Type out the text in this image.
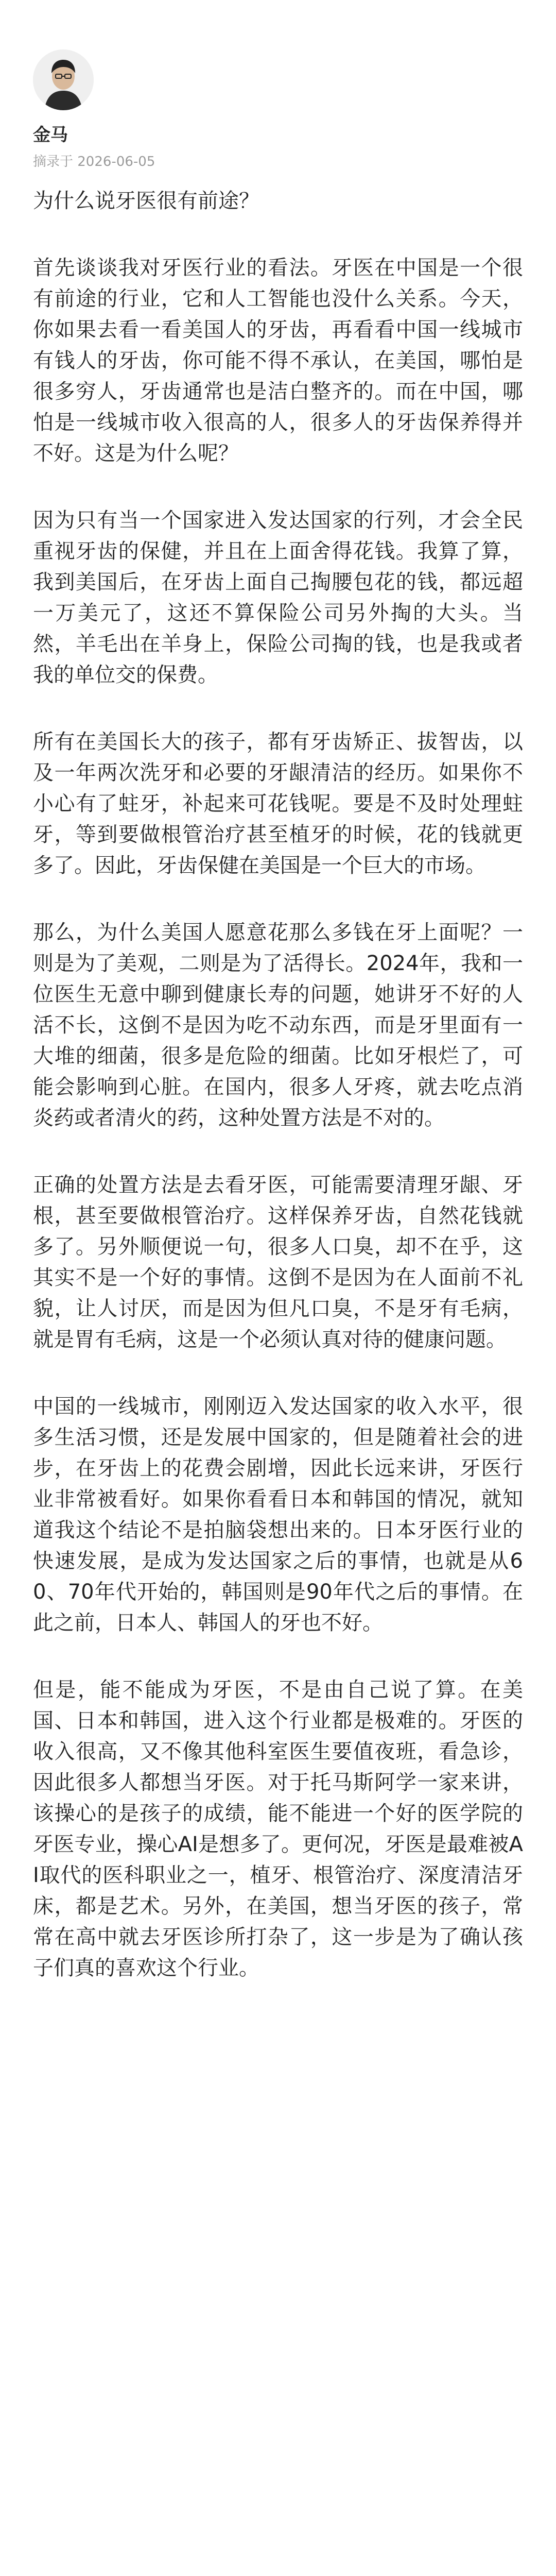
金马
摘录于 2026-06-05

为什么说牙医很有前途？

首先谈谈我对牙医行业的看法。牙医在中国是一个很有前途的行业，它和人工智能也没什么关系。今天，你如果去看一看美国人的牙齿，再看看中国一线城市有钱人的牙齿，你可能不得不承认，在美国，哪怕是很多穷人，牙齿通常也是洁白整齐的。而在中国，哪怕是一线城市收入很高的人，很多人的牙齿保养得并不好。这是为什么呢？

因为只有当一个国家进入发达国家的行列，才会全民重视牙齿的保健，并且在上面舍得花钱。我算了算，我到美国后，在牙齿上面自己掏腰包花的钱，都远超一万美元了，这还不算保险公司另外掏的大头。当然，羊毛出在羊身上，保险公司掏的钱，也是我或者我的单位交的保费。

所有在美国长大的孩子，都有牙齿矫正、拔智齿，以及一年两次洗牙和必要的牙龈清洁的经历。如果你不小心有了蛀牙，补起来可花钱呢。要是不及时处理蛀牙，等到要做根管治疗甚至植牙的时候，花的钱就更多了。因此，牙齿保健在美国是一个巨大的市场。

那么，为什么美国人愿意花那么多钱在牙上面呢？一则是为了美观，二则是为了活得长。2024年，我和一位医生无意中聊到健康长寿的问题，她讲牙不好的人活不长，这倒不是因为吃不动东西，而是牙里面有一大堆的细菌，很多是危险的细菌。比如牙根烂了，可能会影响到心脏。在国内，很多人牙疼，就去吃点消炎药或者清火的药，这种处置方法是不对的。

正确的处置方法是去看牙医，可能需要清理牙龈、牙根，甚至要做根管治疗。这样保养牙齿，自然花钱就多了。另外顺便说一句，很多人口臭，却不在乎，这其实不是一个好的事情。这倒不是因为在人面前不礼貌，让人讨厌，而是因为但凡口臭，不是牙有毛病，就是胃有毛病，这是一个必须认真对待的健康问题。

中国的一线城市，刚刚迈入发达国家的收入水平，很多生活习惯，还是发展中国家的，但是随着社会的进步，在牙齿上的花费会剧增，因此长远来讲，牙医行业非常被看好。如果你看看日本和韩国的情况，就知道我这个结论不是拍脑袋想出来的。日本牙医行业的快速发展，是成为发达国家之后的事情，也就是从60、70年代开始的，韩国则是90年代之后的事情。在此之前，日本人、韩国人的牙也不好。

但是，能不能成为牙医，不是由自己说了算。在美国、日本和韩国，进入这个行业都是极难的。牙医的收入很高，又不像其他科室医生要值夜班，看急诊，因此很多人都想当牙医。对于托马斯阿学一家来讲，该操心的是孩子的成绩，能不能进一个好的医学院的牙医专业，操心AI是想多了。更何况，牙医是最难被AI取代的医科职业之一，植牙、根管治疗、深度清洁牙床，都是艺术。另外，在美国，想当牙医的孩子，常常在高中就去牙医诊所打杂了，这一步是为了确认孩子们真的喜欢这个行业。
